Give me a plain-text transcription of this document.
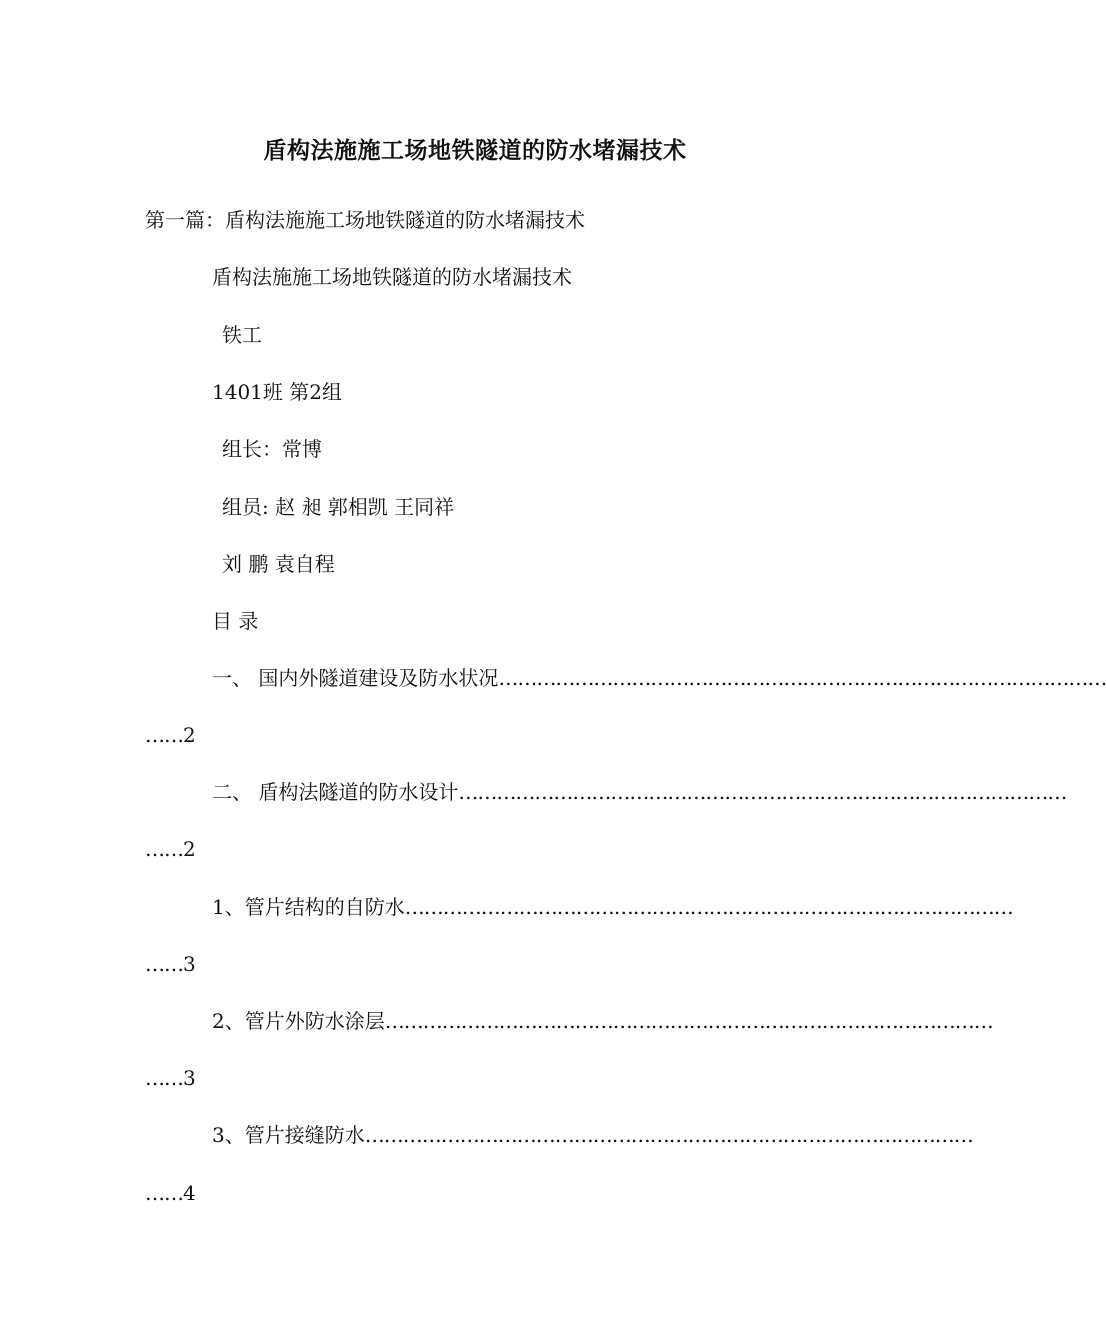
盾构法施施工场地铁隧道的防水堵漏技术
第一篇：盾构法施施工场地铁隧道的防水堵漏技术
盾构法施施工场地铁隧道的防水堵漏技术
铁工
1401班 第2组
组长：常博
组员: 赵 昶 郭相凯 王同祥
刘 鹏 袁自程
目 录
一、 国内外隧道建设及防水状况……………………………………………………………………………………
……2
二、 盾构法隧道的防水设计……………………………………………………………………………………
……2
1、管片结构的自防水……………………………………………………………………………………
……3
2、管片外防水涂层……………………………………………………………………………………
……3
3、管片接缝防水……………………………………………………………………………………
……4
